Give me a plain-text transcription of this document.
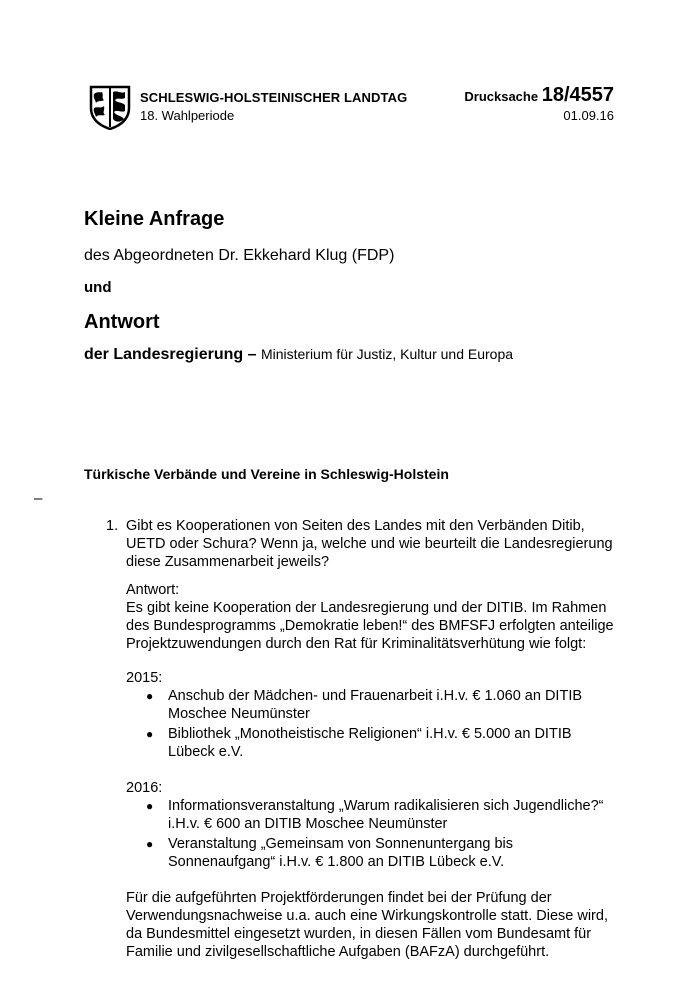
SCHLESWIG-HOLSTEINISCHER LANDTAG
18. Wahlperiode
Drucksache 18/4557
01.09.16
Kleine Anfrage
des Abgeordneten Dr. Ekkehard Klug (FDP)
und
Antwort
der Landesregierung – Ministerium für Justiz, Kultur und Europa
Türkische Verbände und Vereine in Schleswig-Holstein
–
1. Gibt es Kooperationen von Seiten des Landes mit den Verbänden Ditib, UETD oder Schura? Wenn ja, welche und wie beurteilt die Landesregierung diese Zusammenarbeit jeweils?

Antwort:

Es gibt keine Kooperation der Landesregierung und der DITIB. Im Rahmen des Bundesprogramms „Demokratie leben!“ des BMFSFJ erfolgten anteilige Projektzuwendungen durch den Rat für Kriminalitätsverhütung wie folgt:

2015:

●	Anschub der Mädchen- und Frauenarbeit i.H.v. € 1.060 an DITIB Moschee Neumünster
●	Bibliothek „Monotheistische Religionen“ i.H.v. € 5.000 an DITIB Lübeck e.V.

2016:

●	Informationsveranstaltung „Warum radikalisieren sich Jugendliche?“ i.H.v. € 600 an DITIB Moschee Neumünster
●	Veranstaltung „Gemeinsam von Sonnenuntergang bis Sonnenaufgang“ i.H.v. € 1.800 an DITIB Lübeck e.V.

Für die aufgeführten Projektförderungen findet bei der Prüfung der Verwendungsnachweise u.a. auch eine Wirkungskontrolle statt. Diese wird, da Bundesmittel eingesetzt wurden, in diesen Fällen vom Bundesamt für Familie und zivilgesellschaftliche Aufgaben (BAFzA) durchgeführt.
